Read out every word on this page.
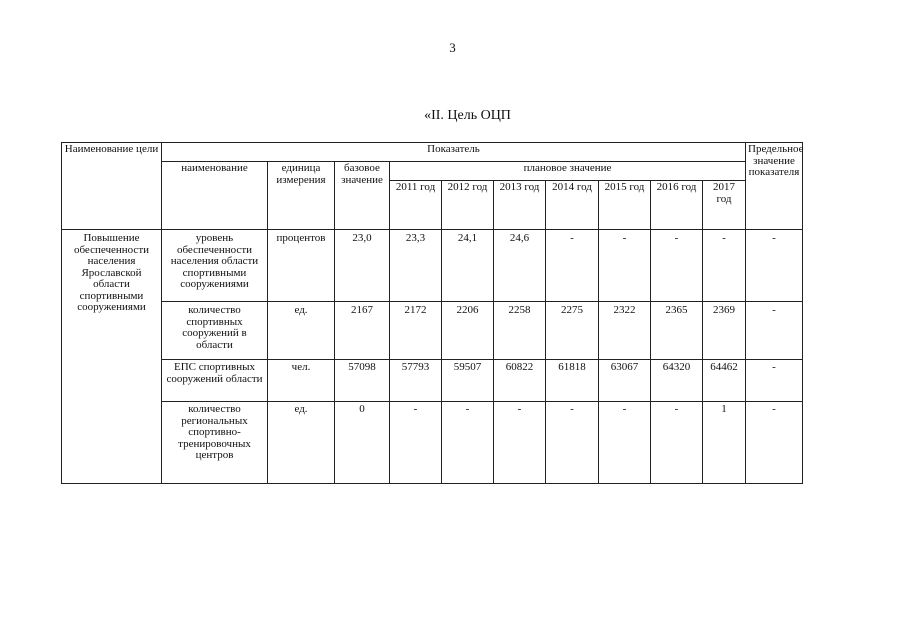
3
«II. Цель ОЦП
Наименование цели	Показатель										Предельное значение показателя
	наименование	единица измерения	базовое значение	плановое значение							
				2011 год	2012 год	2013 год	2014 год	2015 год	2016 год	2017 год	
Повышение обеспеченности населения Ярославской области спортивными сооружениями	уровень обеспеченности населения области спортивными сооружениями	процентов	23,0	23,3	24,1	24,6	-	-	-	-	-
	количество спортивных сооружений в области	ед.	2167	2172	2206	2258	2275	2322	2365	2369	-
	ЕПС спортивных сооружений области	чел.	57098	57793	59507	60822	61818	63067	64320	64462	-
	количество региональных спортивно-тренировочных центров	ед.	0	-	-	-	-	-	-	1	-
